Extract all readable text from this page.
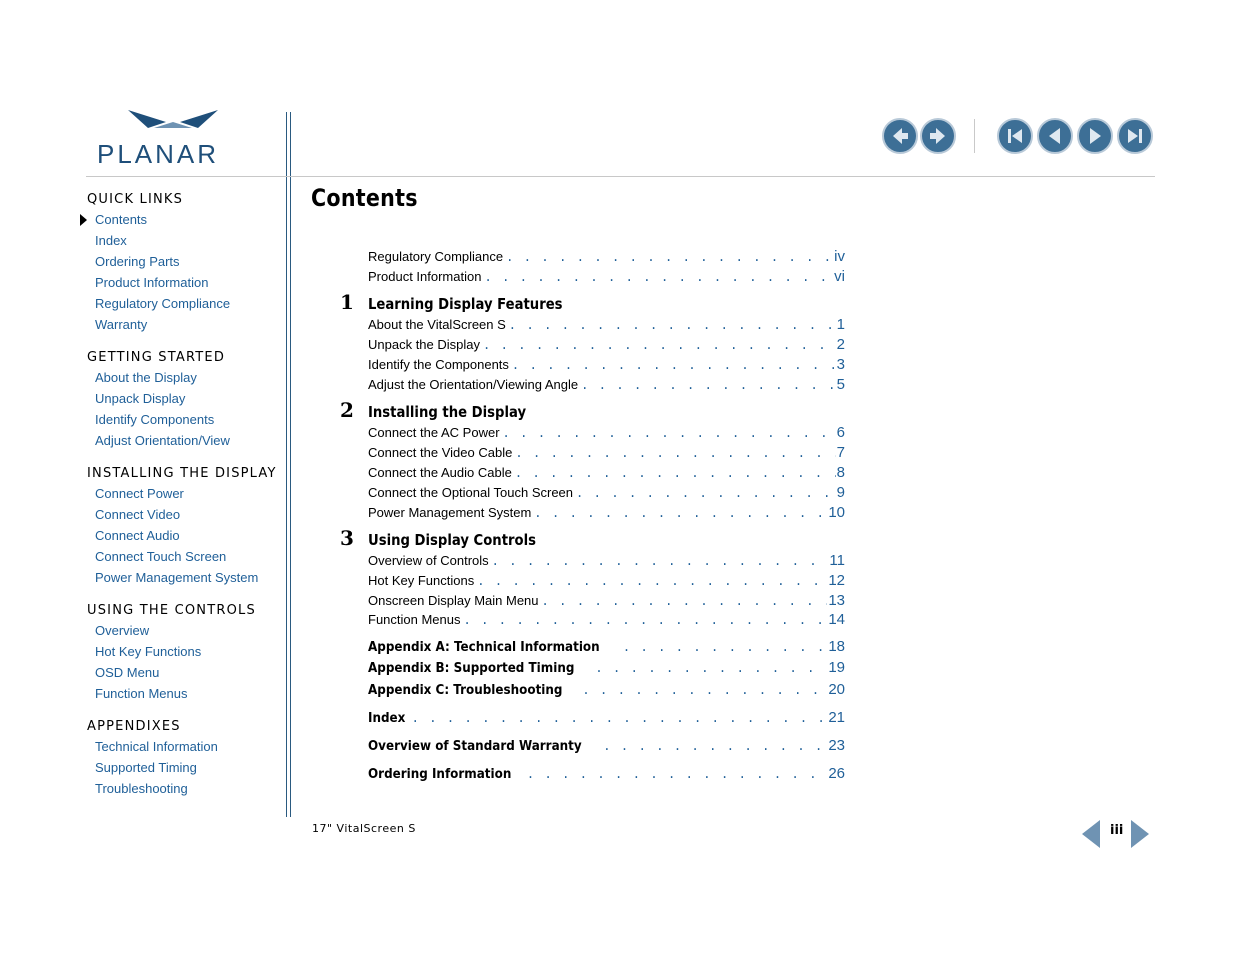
PLANAR
QUICK LINKS
Contents
Index
Ordering Parts
Product Information
Regulatory Compliance
Warranty
GETTING STARTED
About the Display
Unpack Display
Identify Components
Adjust Orientation/View
INSTALLING THE DISPLAY
Connect Power
Connect Video
Connect Audio
Connect Touch Screen
Power Management System
USING THE CONTROLS
Overview
Hot Key Functions
OSD Menu
Function Menus
APPENDIXES
Technical Information
Supported Timing
Troubleshooting
Contents
Regulatory Compliance . . .	iv
Product Information . . .	vi
1 Learning Display Features
About the VitalScreen S . . .	1
Unpack the Display . . .	2
Identify the Components . . .	3
Adjust the Orientation/Viewing Angle . . .	5
2 Installing the Display
Connect the AC Power . . .	6
Connect the Video Cable . . .	7
Connect the Audio Cable . . .	8
Connect the Optional Touch Screen . . .	9
Power Management System . . .	10
3 Using Display Controls
Overview of Controls . . .	11
Hot Key Functions . . .	12
Onscreen Display Main Menu . . .	13
Function Menus . . .	14
Appendix A: Technical Information . . .	18
Appendix B: Supported Timing . . .	19
Appendix C: Troubleshooting . . .	20
Index . . .	21
Overview of Standard Warranty . . .	23
Ordering Information . . .	26
17" VitalScreen S	iii
